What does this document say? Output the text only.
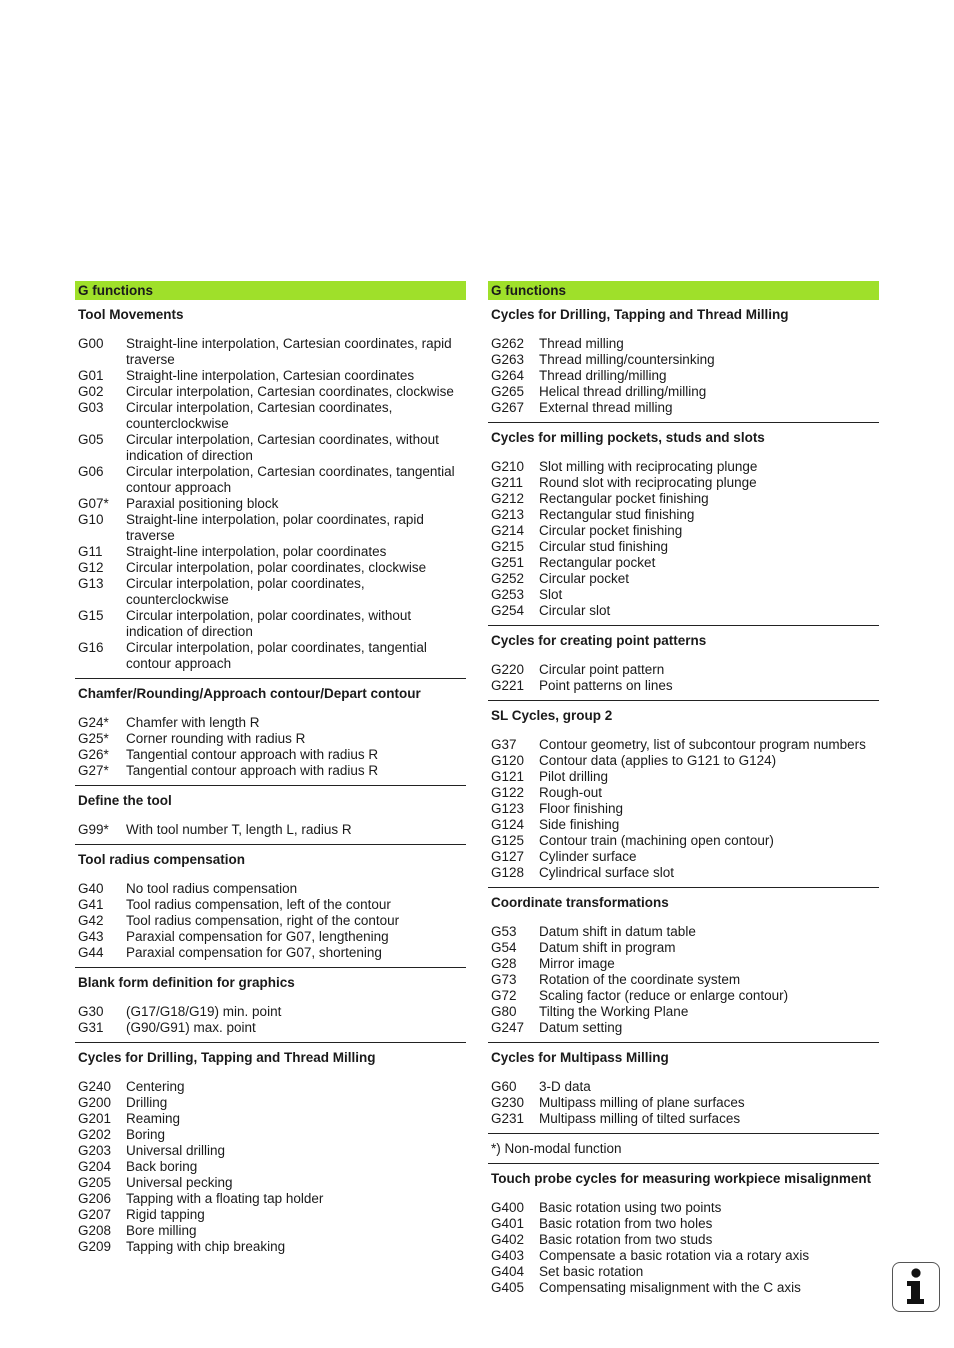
G functions
Tool Movements
G00	Straight-line interpolation, Cartesian coordinates, rapid traverse
G01	Straight-line interpolation, Cartesian coordinates
G02	Circular interpolation, Cartesian coordinates, clockwise
G03	Circular interpolation, Cartesian coordinates, counterclockwise
G05	Circular interpolation, Cartesian coordinates, without indication of direction
G06	Circular interpolation, Cartesian coordinates, tangential contour approach
G07*	Paraxial positioning block
G10	Straight-line interpolation, polar coordinates, rapid traverse
G11	Straight-line interpolation, polar coordinates
G12	Circular interpolation, polar coordinates, clockwise
G13	Circular interpolation, polar coordinates, counterclockwise
G15	Circular interpolation, polar coordinates, without indication of direction
G16	Circular interpolation, polar coordinates, tangential contour approach
Chamfer/Rounding/Approach contour/Depart contour
G24*	Chamfer with length R
G25*	Corner rounding with radius R
G26*	Tangential contour approach with radius R
G27*	Tangential contour approach with radius R
Define the tool
G99*	With tool number T, length L, radius R
Tool radius compensation
G40	No tool radius compensation
G41	Tool radius compensation, left of the contour
G42	Tool radius compensation, right of the contour
G43	Paraxial compensation for G07, lengthening
G44	Paraxial compensation for G07, shortening
Blank form definition for graphics
G30	(G17/G18/G19) min. point
G31	(G90/G91) max. point
Cycles for Drilling, Tapping and Thread Milling
G240	Centering
G200	Drilling
G201	Reaming
G202	Boring
G203	Universal drilling
G204	Back boring
G205	Universal pecking
G206	Tapping with a floating tap holder
G207	Rigid tapping
G208	Bore milling
G209	Tapping with chip breaking
G functions
Cycles for Drilling, Tapping and Thread Milling
G262	Thread milling
G263	Thread milling/countersinking
G264	Thread drilling/milling
G265	Helical thread drilling/milling
G267	External thread milling
Cycles for milling pockets, studs and slots
G210	Slot milling with reciprocating plunge
G211	Round slot with reciprocating plunge
G212	Rectangular pocket finishing
G213	Rectangular stud finishing
G214	Circular pocket finishing
G215	Circular stud finishing
G251	Rectangular pocket
G252	Circular pocket
G253	Slot
G254	Circular slot
Cycles for creating point patterns
G220	Circular point pattern
G221	Point patterns on lines
SL Cycles, group 2
G37	Contour geometry, list of subcontour program numbers
G120	Contour data (applies to G121 to G124)
G121	Pilot drilling
G122	Rough-out
G123	Floor finishing
G124	Side finishing
G125	Contour train (machining open contour)
G127	Cylinder surface
G128	Cylindrical surface slot
Coordinate transformations
G53	Datum shift in datum table
G54	Datum shift in program
G28	Mirror image
G73	Rotation of the coordinate system
G72	Scaling factor (reduce or enlarge contour)
G80	Tilting the Working Plane
G247	Datum setting
Cycles for Multipass Milling
G60	3-D data
G230	Multipass milling of plane surfaces
G231	Multipass milling of tilted surfaces
*) Non-modal function
Touch probe cycles for measuring workpiece misalignment
G400	Basic rotation using two points
G401	Basic rotation from two holes
G402	Basic rotation from two studs
G403	Compensate a basic rotation via a rotary axis
G404	Set basic rotation
G405	Compensating misalignment with the C axis
